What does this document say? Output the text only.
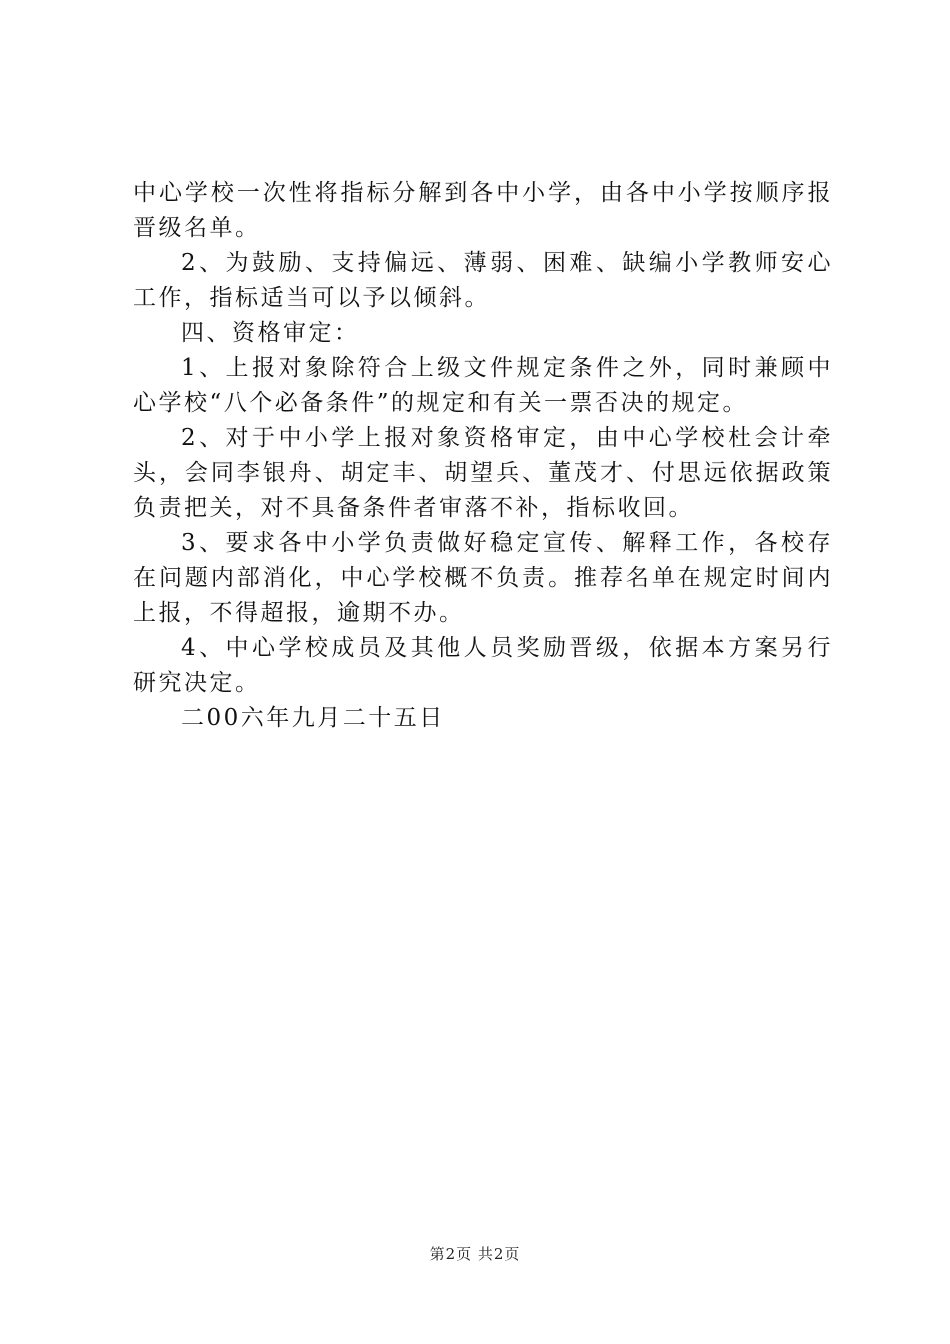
中心学校一次性将指标分解到各中小学，由各中小学按顺序报晋级名单。

2、为鼓励、支持偏远、薄弱、困难、缺编小学教师安心工作，指标适当可以予以倾斜。

四、资格审定：

1、上报对象除符合上级文件规定条件之外，同时兼顾中心学校“八个必备条件”的规定和有关一票否决的规定。

2、对于中小学上报对象资格审定，由中心学校杜会计牵头，会同李银舟、胡定丰、胡望兵、董茂才、付思远依据政策负责把关，对不具备条件者审落不补，指标收回。

3、要求各中小学负责做好稳定宣传、解释工作，各校存在问题内部消化，中心学校概不负责。推荐名单在规定时间内上报，不得超报，逾期不办。

4、中心学校成员及其他人员奖励晋级，依据本方案另行研究决定。

二00六年九月二十五日

第2页 共2页
